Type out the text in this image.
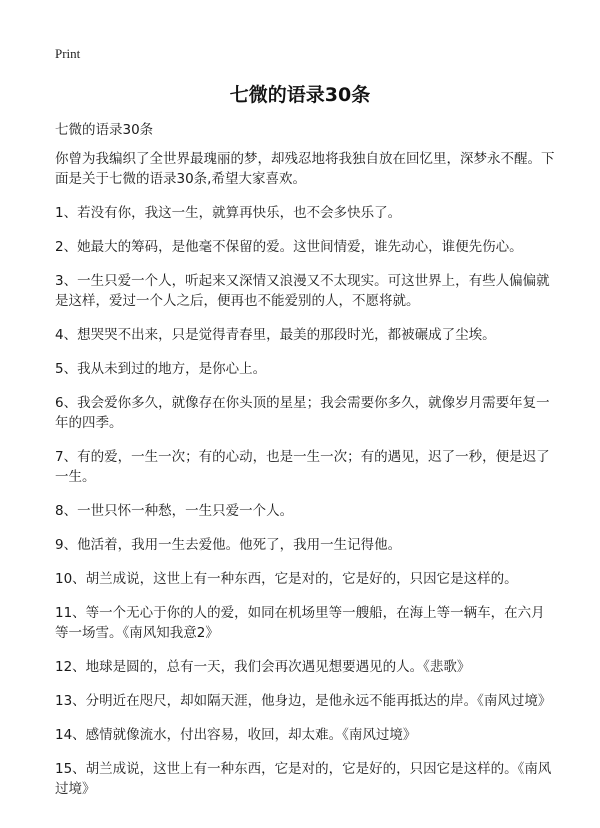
Print
七微的语录30条

七微的语录30条

你曾为我编织了全世界最瑰丽的梦，却残忍地将我独自放在回忆里，深梦永不醒。下面是关于七微的语录30条,希望大家喜欢。

1、若没有你，我这一生，就算再快乐，也不会多快乐了。

2、她最大的筹码，是他毫不保留的爱。这世间情爱，谁先动心，谁便先伤心。

3、一生只爱一个人，听起来又深情又浪漫又不太现实。可这世界上，有些人偏偏就是这样，爱过一个人之后，便再也不能爱别的人，不愿将就。

4、想哭哭不出来，只是觉得青春里，最美的那段时光，都被碾成了尘埃。

5、我从未到过的地方，是你心上。

6、我会爱你多久，就像存在你头顶的星星；我会需要你多久，就像岁月需要年复一年的四季。

7、有的爱，一生一次；有的心动，也是一生一次；有的遇见，迟了一秒，便是迟了一生。

8、一世只怀一种愁，一生只爱一个人。

9、他活着，我用一生去爱他。他死了，我用一生记得他。

10、胡兰成说，这世上有一种东西，它是对的，它是好的，只因它是这样的。

11、等一个无心于你的人的爱，如同在机场里等一艘船，在海上等一辆车，在六月等一场雪。《南风知我意2》

12、地球是圆的，总有一天，我们会再次遇见想要遇见的人。《悲歌》

13、分明近在咫尺，却如隔天涯，他身边，是他永远不能再抵达的岸。《南风过境》

14、感情就像流水，付出容易，收回，却太难。《南风过境》

15、胡兰成说，这世上有一种东西，它是对的，它是好的，只因它是这样的。《南风过境》
